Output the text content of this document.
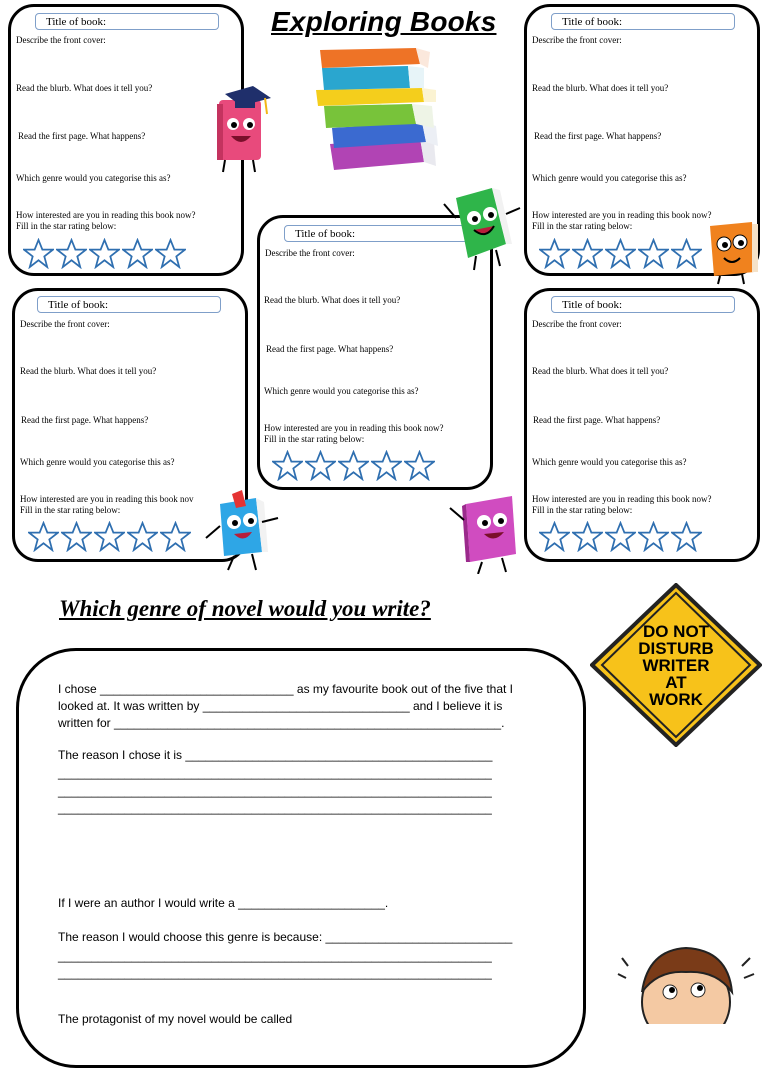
Exploring Books
Title of book:
Describe the front cover:
Read the blurb. What does it tell you?
Read the first page. What happens?
Which genre would you categorise this as?
How interested are you in reading this book now?
Fill in the star rating below:
Title of book:
Describe the front cover:
Read the blurb. What does it tell you?
Read the first page. What happens?
Which genre would you categorise this as?
How interested are you in reading this book now?
Fill in the star rating below:
Title of book:
Describe the front cover:
Read the blurb. What does it tell you?
Read the first page. What happens?
Which genre would you categorise this as?
How interested are you in reading this book now?
Fill in the star rating below:
Title of book:
Describe the front cover:
Read the blurb. What does it tell you?
Read the first page. What happens?
Which genre would you categorise this as?
How interested are you in reading this book nov
Fill in the star rating below:
Title of book:
Describe the front cover:
Read the blurb. What does it tell you?
Read the first page. What happens?
Which genre would you categorise this as?
How interested are you in reading this book now?
Fill in the star rating below:
Which genre of novel would you write?
DO NOT
DISTURB
WRITER
AT
WORK
I chose _____________________________ as my favourite book out of the five that I
looked at. It was written by _______________________________ and I believe it is
written for __________________________________________________________.
The reason I chose it is ______________________________________________
_________________________________________________________________
_________________________________________________________________
_________________________________________________________________
If I were an author I would write a ______________________.
The reason I would choose this genre is because: ____________________________
_________________________________________________________________
_________________________________________________________________
The protagonist of my novel would be called
